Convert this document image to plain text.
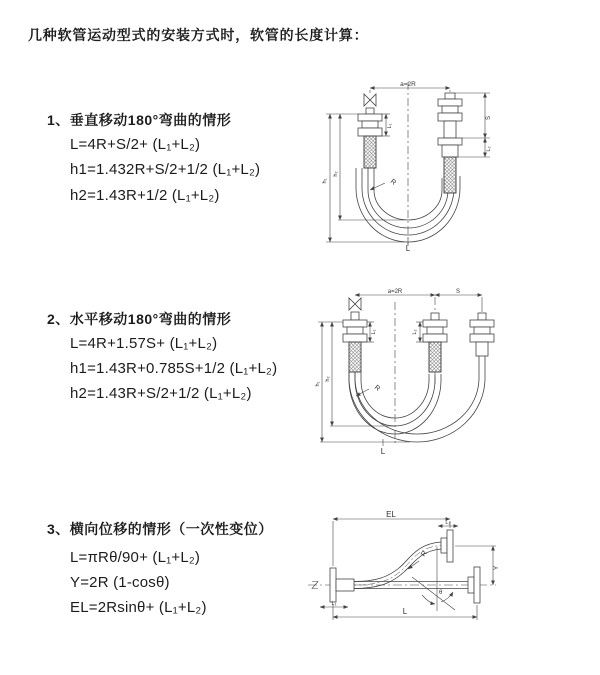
几种软管运动型式的安装方式时，软管的长度计算：
1、垂直移动180°弯曲的情形
L=4R+S/2+ (L₁+L₂)
h1=1.432R+S/2+1/2 (L₁+L₂)
h2=1.43R+1/2 (L₁+L₂)
2、水平移动180°弯曲的情形
L=4R+1.57S+ (L₁+L₂)
h1=1.43R+0.785S+1/2 (L₁+L₂)
h2=1.43R+S/2+1/2 (L₁+L₂)
3、横向位移的情形（一次性变位）
L=πRθ/90+ (L₁+L₂)
Y=2R (1-cosθ)
EL=2Rsinθ+ (L₁+L₂)
a=2R
S
L₂
h₁
h₂
L₁
R
L
a=2R	S
h₁
h₂
L₁	L₂
R
L
EL
L₂
Y
R
θ
L
L₁
